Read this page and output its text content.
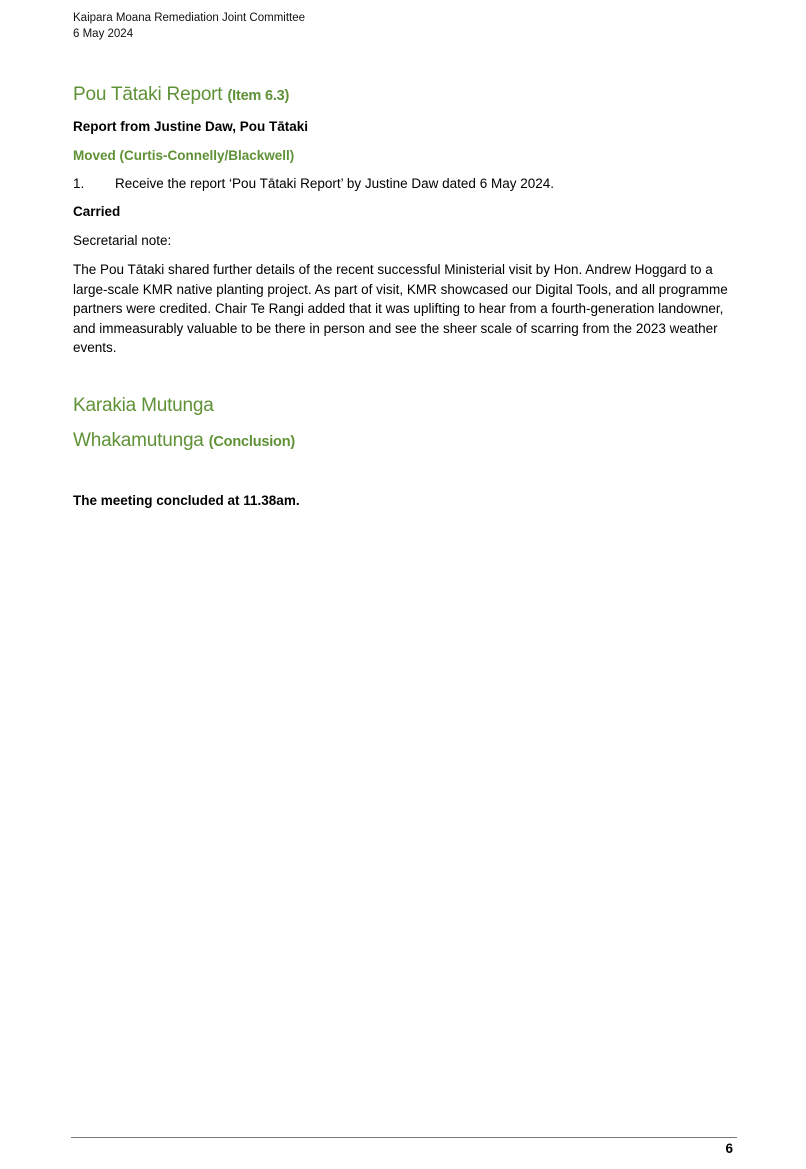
Kaipara Moana Remediation Joint Committee
6 May 2024
Pou Tātaki Report (Item 6.3)

Report from Justine Daw, Pou Tātaki

Moved (Curtis-Connelly/Blackwell)

1.	Receive the report ‘Pou Tātaki Report’ by Justine Daw dated 6 May 2024.

Carried

Secretarial note:

The Pou Tātaki shared further details of the recent successful Ministerial visit by Hon. Andrew Hoggard to a large-scale KMR native planting project. As part of visit, KMR showcased our Digital Tools, and all programme partners were credited. Chair Te Rangi added that it was uplifting to hear from a fourth-generation landowner, and immeasurably valuable to be there in person and see the sheer scale of scarring from the 2023 weather events.

Karakia Mutunga
Whakamutunga (Conclusion)

The meeting concluded at 11.38am.

6
